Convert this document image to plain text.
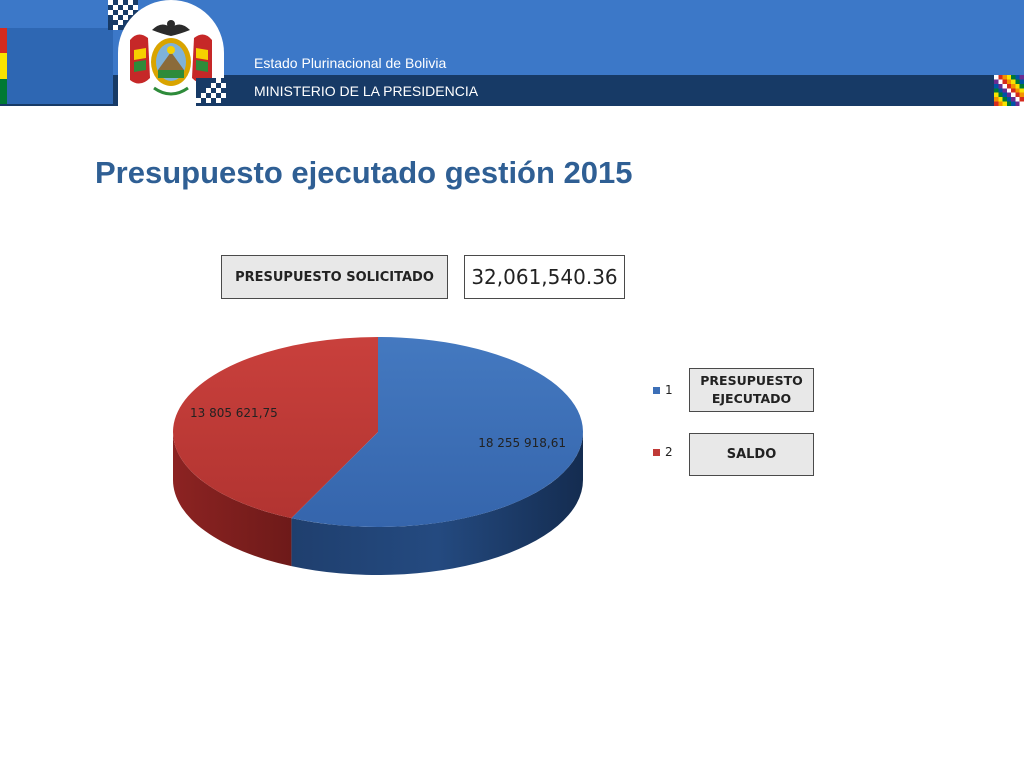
Estado Plurinacional de Bolivia
MINISTERIO DE LA PRESIDENCIA
Presupuesto ejecutado gestión 2015
PRESUPUESTO SOLICITADO	32,061,540.36
PRESUPUESTO EJECUTADO
SALDO
18 255 918,61
13 805 621,75
1
2
